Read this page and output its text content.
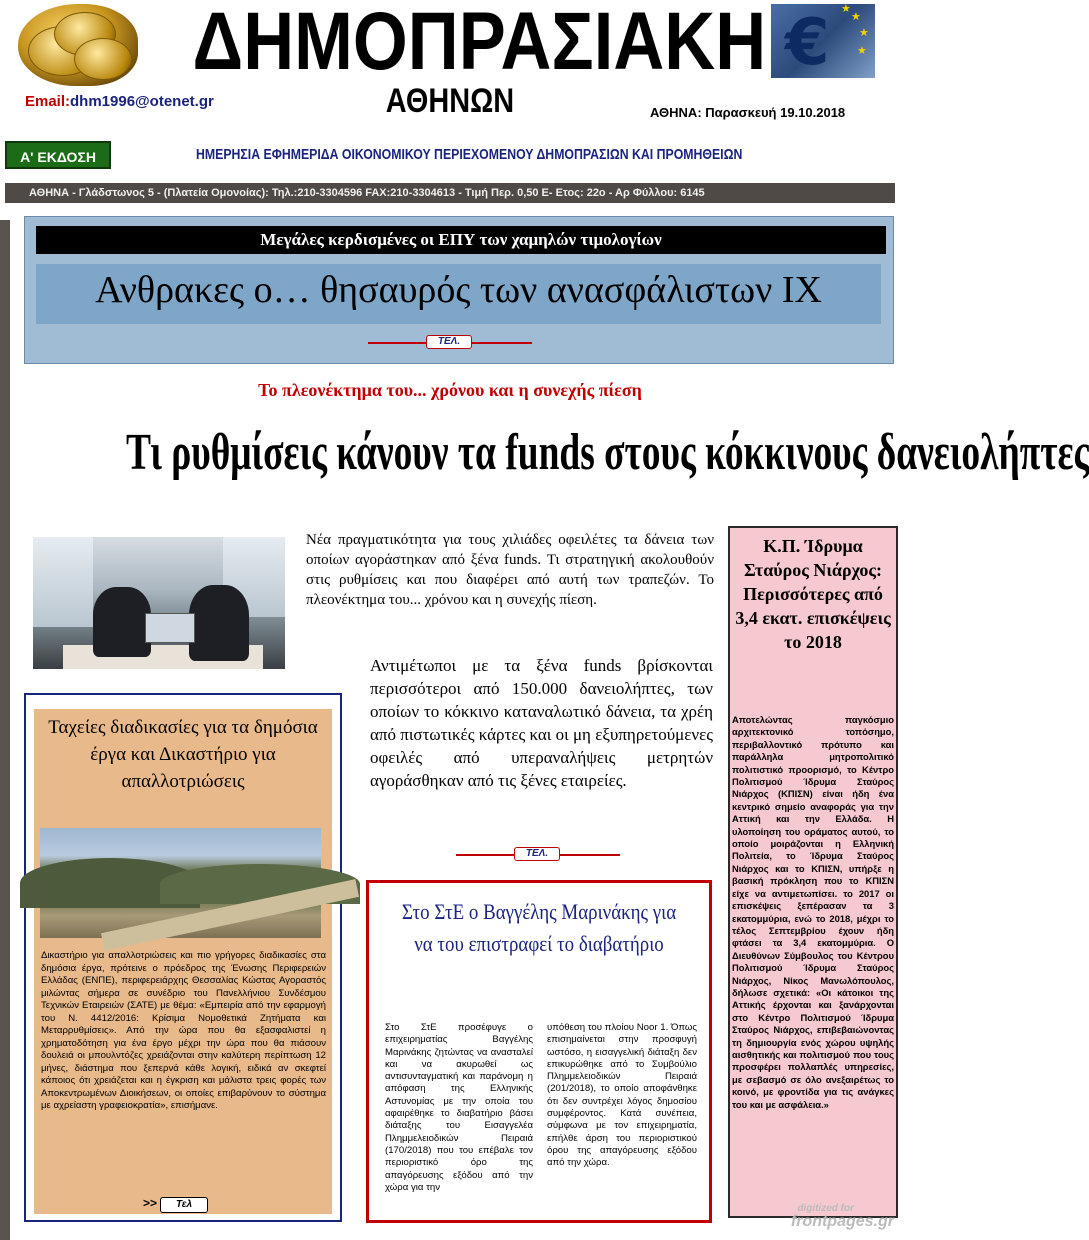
ΔΗΜΟΠΡΑΣΙΑΚΗ € ★
★
★
★
ΑΘΗΝΩΝ
Email:dhm1996@otenet.gr
ΑΘΗΝΑ: Παρασκευή 19.10.2018
Α' ΕΚΔΟΣΗ	ΗΜΕΡΗΣΙΑ ΕΦΗΜΕΡΙΔΑ ΟΙΚΟΝΟΜΙΚΟΥ ΠΕΡΙΕΧΟΜΕΝΟΥ ΔΗΜΟΠΡΑΣΙΩΝ ΚΑΙ ΠΡΟΜΗΘΕΙΩΝ
ΑΘΗΝΑ - Γλάδστωνος 5 - (Πλατεία Ομονοίας): Τηλ.:210-3304596 FAX:210-3304613 - Τιμή Περ. 0,50 Ε- Ετος: 22ο - Αρ Φύλλου: 6145
Μεγάλες κερδισμένες οι ΕΠΥ των χαμηλών τιμολογίων
Ανθρακες ο… θησαυρός των ανασφάλιστων ΙΧ
ΤΕΛ.
Το πλεονέκτημα του... χρόνου και η συνεχής πίεση
Τι ρυθμίσεις κάνουν τα funds στους κόκκινους δανειολήπτες
Νέα πραγματικότητα για τους χιλιάδες οφειλέτες τα δάνεια των οποίων αγοράστηκαν από ξένα funds. Τι στρατηγική ακολουθούν στις ρυθμίσεις και που διαφέρει από αυτή των τραπεζών. Το πλεονέκτημα του... χρόνου και η συνεχής πίεση.
Αντιμέτωποι με τα ξένα funds βρίσκονται περισσότεροι από 150.000 δανειολήπτες, των οποίων το κόκκινο καταναλωτικό δάνεια, τα χρέη από πιστωτικές κάρτες και οι μη εξυπηρετούμενες οφειλές από υπεραναλήψεις μετρητών αγοράσθηκαν από τις ξένες εταιρείες.
ΤΕΛ.
Κ.Π. Ίδρυμα Σταύρος Νιάρχος: Περισσότερες από 3,4 εκατ. επισκέψεις το 2018
Αποτελώντας παγκόσμιο αρχιτεκτονικό τοπόσημο, περιβαλλοντικό πρότυπο και παράλληλα μητροπολιτικό πολιτιστικό προορισμό, το Κέντρο Πολιτισμού Ίδρυμα Σταύρος Νιάρχος (ΚΠΙΣΝ) είναι ήδη ένα κεντρικό σημείο αναφοράς για την Αττική και την Ελλάδα. Η υλοποίηση του οράματος αυτού, το οποίο μοιράζονται η Ελληνική Πολιτεία, το Ίδρυμα Σταύρος Νιάρχος και το ΚΠΙΣΝ, υπήρξε η βασική πρόκληση που το ΚΠΙΣΝ είχε να αντιμετωπίσει. το 2017 οι επισκέψεις ξεπέρασαν τα 3 εκατομμύρια, ενώ το 2018, μέχρι το τέλος Σεπτεμβρίου έχουν ήδη φτάσει τα 3,4 εκατομμύρια. Ο Διευθύνων Σύμβουλος του Κέντρου Πολιτισμού Ίδρυμα Σταύρος Νιάρχος, Νίκος Μανωλόπουλος, δήλωσε σχετικά: «Οι κάτοικοι της Αττικής έρχονται και ξανάρχονται στο Κέντρο Πολιτισμού Ίδρυμα Σταύρος Νιάρχος, επιβεβαιώνοντας τη δημιουργία ενός χώρου υψηλής αισθητικής και πολιτισμού που τους προσφέρει πολλαπλές υπηρεσίες, με σεβασμό σε όλο ανεξαιρέτως το κοινό, με φροντίδα για τις ανάγκες του και με ασφάλεια.»
Ταχείες διαδικασίες για τα δημόσια έργα και Δικαστήριο για απαλλοτριώσεις
Δικαστήριο για απαλλοτριώσεις και πιο γρήγορες διαδικασίες στα δημόσια έργα, πρότεινε ο πρόεδρος της Ένωσης Περιφερειών Ελλάδας (ΕΝΠΕ), περιφερειάρχης Θεσσαλίας Κώστας Αγοραστός μιλώντας σήμερα σε συνέδριο του Πανελλήνιου Συνδέσμου Τεχνικών Εταιρειών (ΣΑΤΕ) με θέμα: «Εμπειρία από την εφαρμογή του Ν. 4412/2016: Κρίσιμα Νομοθετικά Ζητήματα και Μεταρρυθμίσεις». Από την ώρα που θα εξασφαλιστεί η χρηματοδότηση για ένα έργο μέχρι την ώρα που θα πιάσουν δουλειά οι μπουλντόζες χρειάζονται στην καλύτερη περίπτωση 12 μήνες, διάστημα που ξεπερνά κάθε λογική, ειδικά αν σκεφτεί κάποιος ότι χρειάζεται και η έγκριση και μάλιστα τρεις φορές των Αποκεντρωμένων Διοικήσεων, οι οποίες επιβαρύνουν το σύστημα με αχρείαστη γραφειοκρατία», επισήμανε.
>> Τελ
Στο ΣτΕ ο Βαγγέλης Μαρινάκης για να του επιστραφεί το διαβατήριο
Στο ΣτΕ προσέφυγε ο επιχειρηματίας Βαγγέλης Μαρινάκης ζητώντας να ανασταλεί και να ακυρωθεί ως αντισυνταγματική και παράνομη η απόφαση της Ελληνικής Αστυνομίας με την οποία του αφαιρέθηκε το διαβατήριο βάσει διάταξης του Εισαγγελέα Πλημμελειοδικών Πειραιά (170/2018) που του επέβαλε τον περιοριστικό όρο της απαγόρευσης εξόδου από την χώρα για την
υπόθεση του πλοίου Noor 1. Όπως επισημαίνεται στην προσφυγή ωστόσο, η εισαγγελική διάταξη δεν επικυρώθηκε από το Συμβούλιο Πλημμελειοδικών Πειραιά (201/2018), το οποίο αποφάνθηκε ότι δεν συντρέχει λόγος δημοσίου συμφέροντος. Κατά συνέπεια, σύμφωνα με τον επιχειρηματία, επήλθε άρση του περιοριστικού όρου της απαγόρευσης εξόδου από την χώρα.
digitized for
frontpages.gr
